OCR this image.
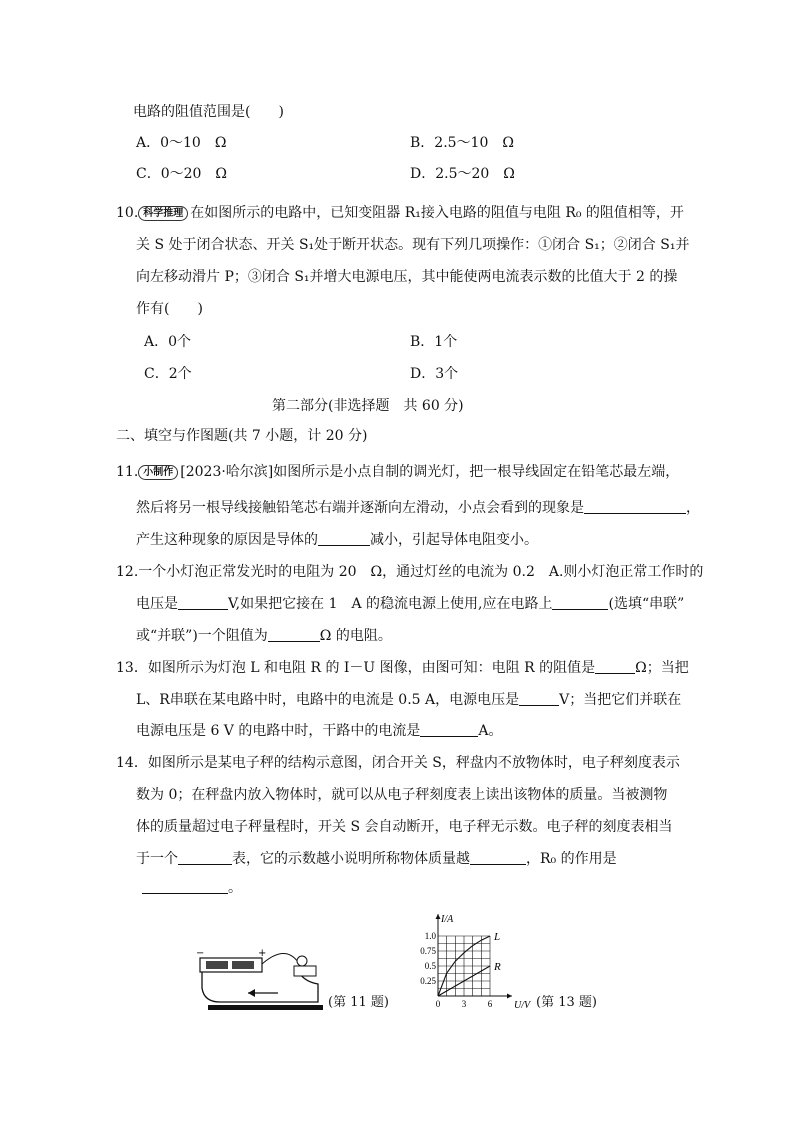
电路的阻值范围是(　　)
A．0～10　Ω	B．2.5～10　Ω
C．0～20　Ω	D．2.5～20　Ω
10. 科学推理 在如图所示的电路中，已知变阻器 R₁接入电路的阻值与电阻 R₀ 的阻值相等，开
关 S 处于闭合状态、开关 S₁处于断开状态。现有下列几项操作：①闭合 S₁；②闭合 S₁并
向左移动滑片 P；③闭合 S₁并增大电源电压，其中能使两电流表示数的比值大于 2 的操
作有(　　)
A．0个	B．1个
C．2个	D．3个
第二部分(非选择题　共 60 分)
二、填空与作图题(共 7 小题，计 20 分)
11. 小制作 [2023·哈尔滨]如图所示是小点自制的调光灯，把一根导线固定在铅笔芯最左端，
然后将另一根导线接触铅笔芯右端并逐渐向左滑动，小点会看到的现象是	，
产生这种现象的原因是导体的	减小，引起导体电阻变小。
12.一个小灯泡正常发光时的电阻为 20　Ω，通过灯丝的电流为 0.2　A.则小灯泡正常工作时的
电压是	V,如果把它接在 1　A 的稳流电源上使用,应在电路上	(选填“串联”
或“并联”)一个阻值为	Ω 的电阻。
13．如图所示为灯泡 L 和电阻 R 的 I－U 图像，由图可知：电阻 R 的阻值是	Ω；当把
L、R串联在某电路中时，电路中的电流是 0.5 A，电源电压是	V；当把它们并联在
电源电压是 6 V 的电路中时，干路中的电流是	A。
14．如图所示是某电子秤的结构示意图，闭合开关 S，秤盘内不放物体时，电子秤刻度表示
数为 0；在秤盘内放入物体时，就可以从电子秤刻度表上读出该物体的质量。当被测物
体的质量超过电子秤量程时，开关 S 会自动断开，电子秤无示数。电子秤的刻度表相当
于一个	表，它的示数越小说明所称物体质量越	，R₀ 的作用是
。
−	+
(第 11 题)
L
R
0 3 6
0.25
0.5
0.75
1.0
U/V
I/A
(第 13 题)
